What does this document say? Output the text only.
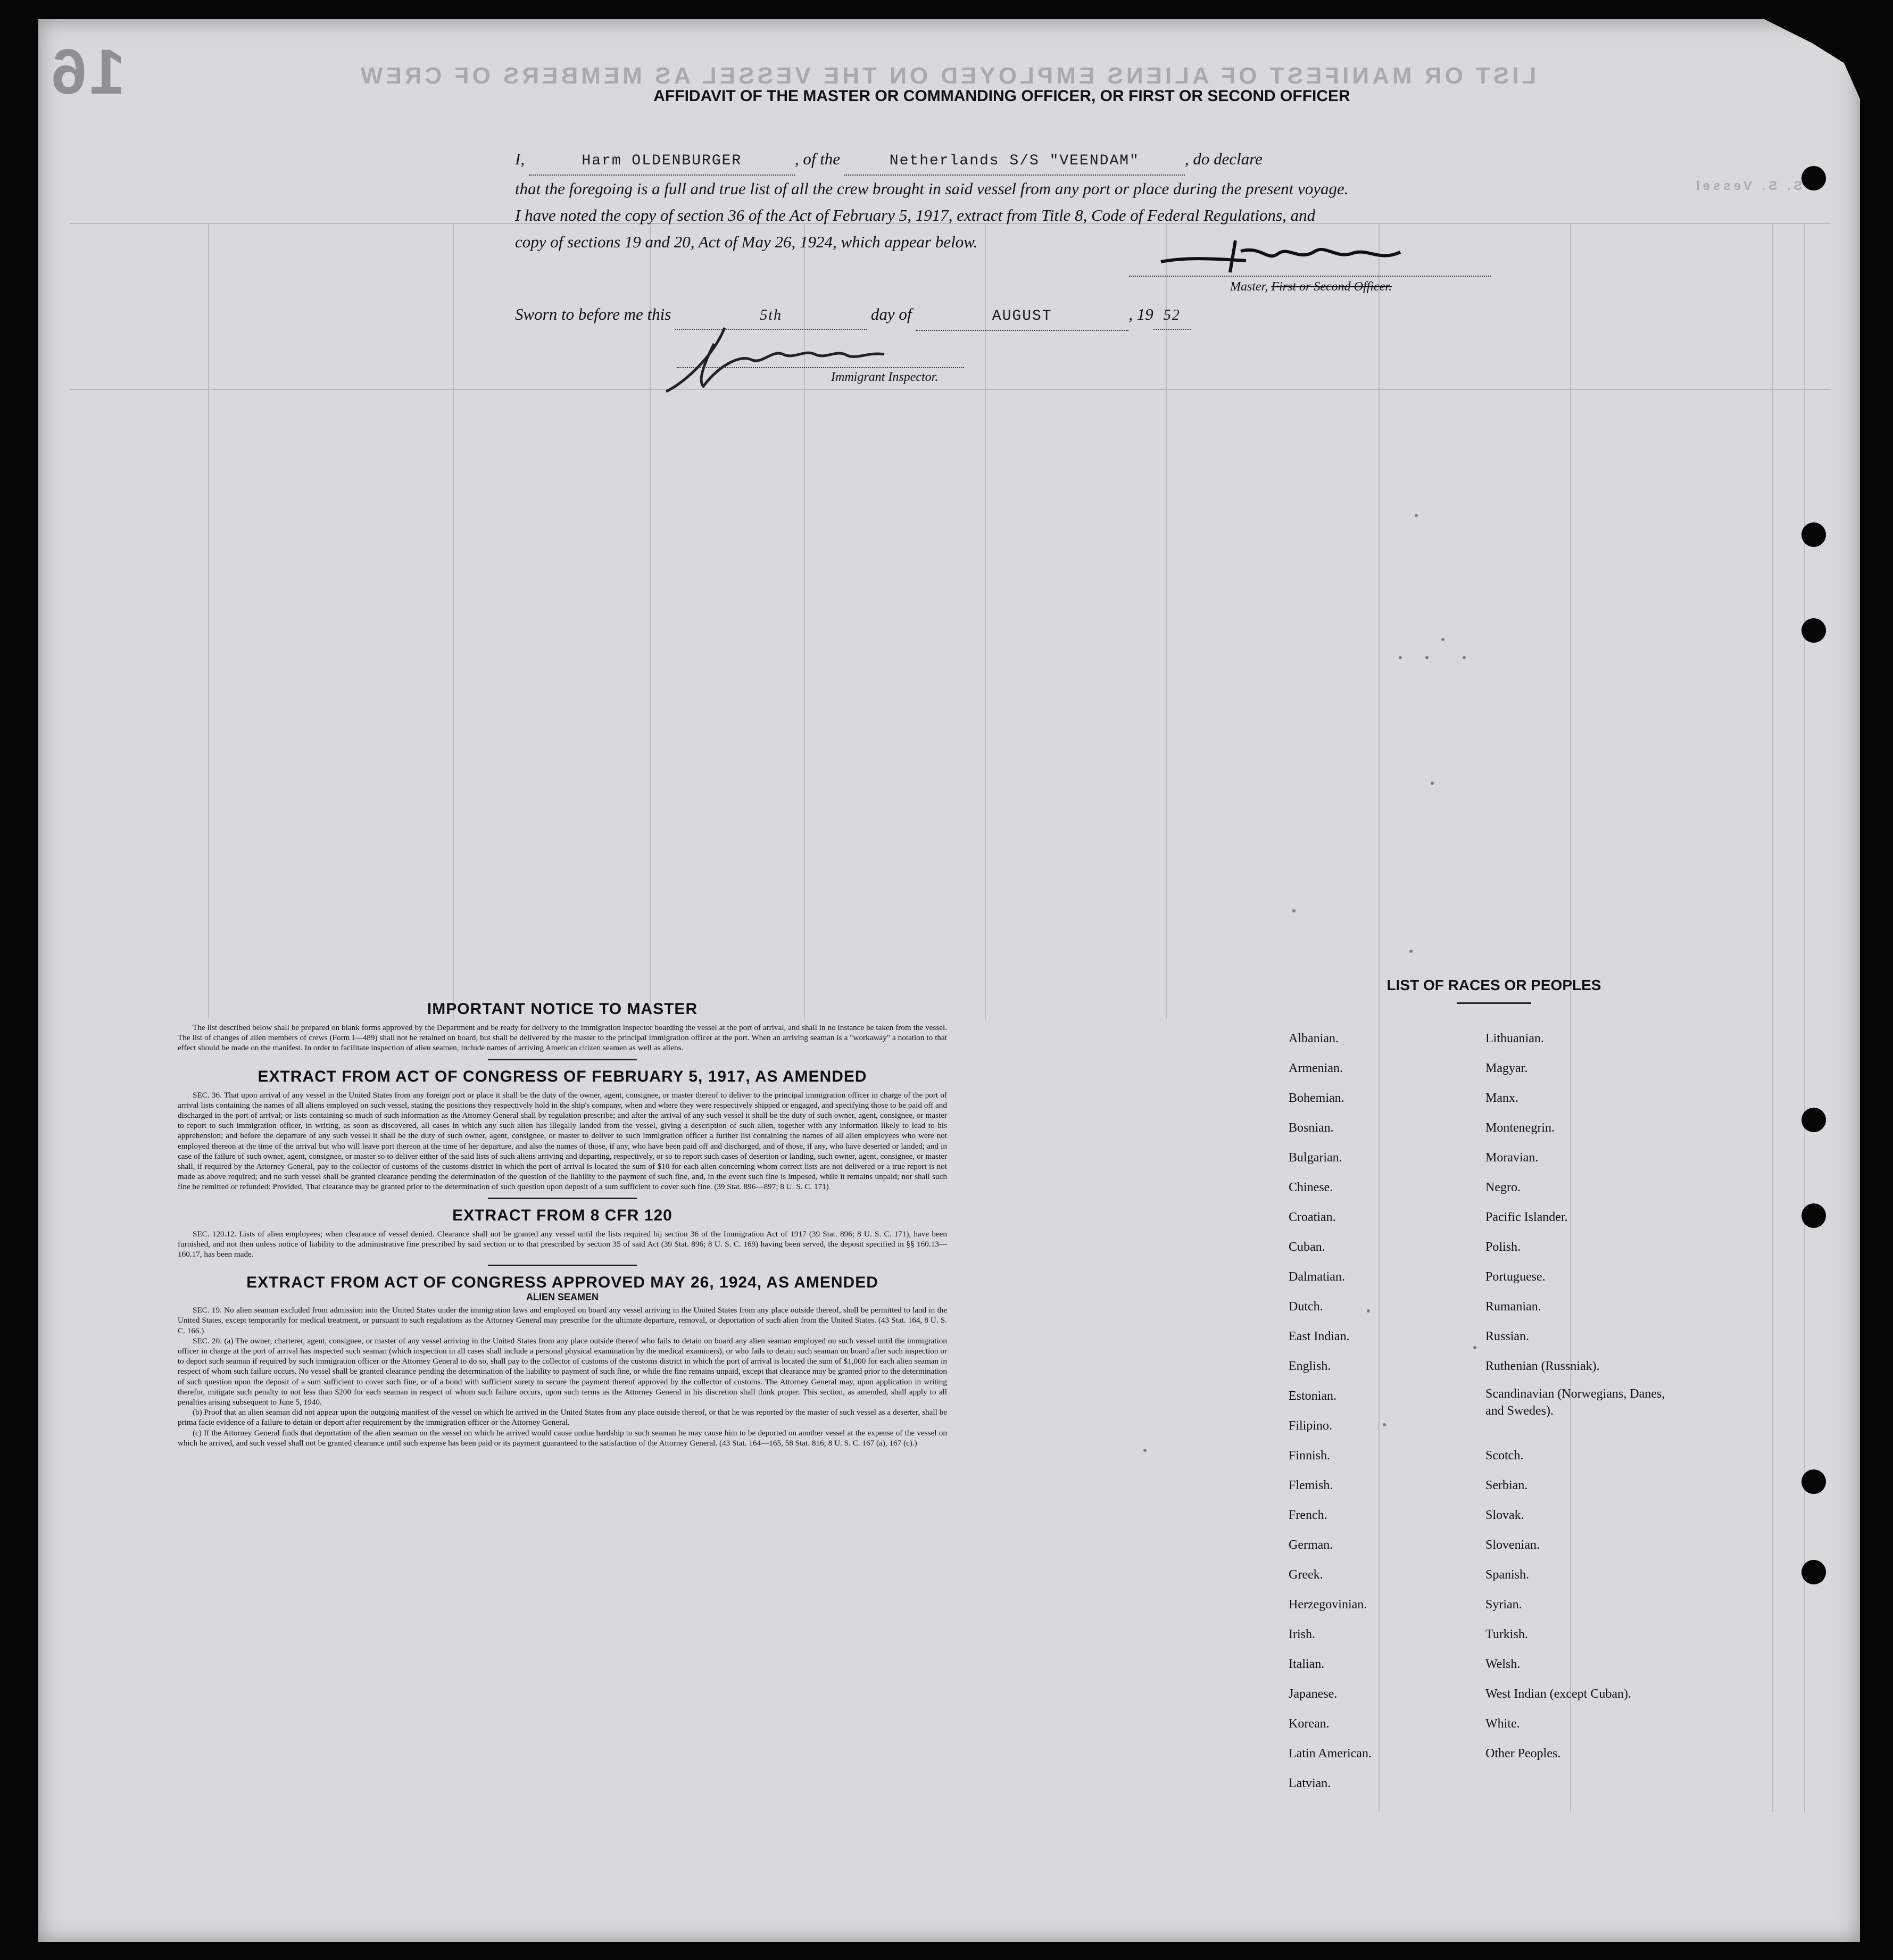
LIST OR MANIFEST OF ALIENS EMPLOYED ON THE VESSEL AS MEMBERS OF CREW
16
S. S. Vessel

AFFIDAVIT OF THE MASTER OR COMMANDING OFFICER, OR FIRST OR SECOND OFFICER

I,	Harm OLDENBURGER	, of the	Netherlands S/S "VEENDAM"	, do declare
that the foregoing is a full and true list of all the crew brought in said vessel from any port or place during the present voyage.
I have noted the copy of section 36 of the Act of February 5, 1917, extract from Title 8, Code of Federal Regulations, and
copy of sections 19 and 20, Act of May 26, 1924, which appear below.
Master, First or Second Officer.
Sworn to before me this	5th	day of	AUGUST	, 19 52
Immigrant Inspector.

IMPORTANT NOTICE TO MASTER

The list described below shall be prepared on blank forms approved by the Department and be ready for delivery to the immigration inspector boarding the vessel at the port of arrival, and shall in no instance be taken from the vessel. The list of changes of alien members of crews (Form I—489) shall not be retained on board, but shall be delivered by the master to the principal immigration officer at the port. When an arriving seaman is a "workaway" a notation to that effect should be made on the manifest. In order to facilitate inspection of alien seamen, include names of arriving American citizen seamen as well as aliens.

EXTRACT FROM ACT OF CONGRESS OF FEBRUARY 5, 1917, AS AMENDED

SEC. 36. That upon arrival of any vessel in the United States from any foreign port or place it shall be the duty of the owner, agent, consignee, or master thereof to deliver to the principal immigration officer in charge of the port of arrival lists containing the names of all aliens employed on such vessel, stating the positions they respectively hold in the ship's company, when and where they were respectively shipped or engaged, and specifying those to be paid off and discharged in the port of arrival; or lists containing so much of such information as the Attorney General shall by regulation prescribe; and after the arrival of any such vessel it shall be the duty of such owner, agent, consignee, or master to report to such immigration officer, in writing, as soon as discovered, all cases in which any such alien has illegally landed from the vessel, giving a description of such alien, together with any information likely to lead to his apprehension; and before the departure of any such vessel it shall be the duty of such owner, agent, consignee, or master to deliver to such immigration officer a further list containing the names of all alien employees who were not employed thereon at the time of the arrival but who will leave port thereon at the time of her departure, and also the names of those, if any, who have been paid off and discharged, and of those, if any, who have deserted or landed; and in case of the failure of such owner, agent, consignee, or master so to deliver either of the said lists of such aliens arriving and departing, respectively, or so to report such cases of desertion or landing, such owner, agent, consignee, or master shall, if required by the Attorney General, pay to the collector of customs of the customs district in which the port of arrival is located the sum of $10 for each alien concerning whom correct lists are not delivered or a true report is not made as above required; and no such vessel shall be granted clearance pending the determination of the question of the liability to the payment of such fine, and, in the event such fine is imposed, while it remains unpaid; nor shall such fine be remitted or refunded: Provided, That clearance may be granted prior to the determination of such question upon deposit of a sum sufficient to cover such fine. (39 Stat. 896—897; 8 U. S. C. 171)

EXTRACT FROM 8 CFR 120

SEC. 120.12. Lists of alien employees; when clearance of vessel denied. Clearance shall not be granted any vessel until the lists required bij section 36 of the Immigration Act of 1917 (39 Stat. 896; 8 U. S. C. 171), have been furnished, and not then unless notice of liability to the administrative fine prescribed by said section or to that prescribed by section 35 of said Act (39 Stat. 896; 8 U. S. C. 169) having been served, the deposit specified in §§ 160.13—160.17, has been made.

EXTRACT FROM ACT OF CONGRESS APPROVED MAY 26, 1924, AS AMENDED

ALIEN SEAMEN

SEC. 19. No alien seaman excluded from admission into the United States under the immigration laws and employed on board any vessel arriving in the United States from any place outside thereof, shall be permitted to land in the United States, except temporarily for medical treatment, or pursuant to such regulations as the Attorney General may prescribe for the ultimate departure, removal, or deportation of such alien from the United States. (43 Stat. 164, 8 U. S. C. 166.)

SEC. 20. (a) The owner, charterer, agent, consignee, or master of any vessel arriving in the United States from any place outside thereof who fails to detain on board any alien seaman employed on such vessel until the immigration officer in charge at the port of arrival has inspected such seaman (which inspection in all cases shall include a personal physical examination by the medical examiners), or who fails to detain such seaman on board after such inspection or to deport such seaman if required by such immigration officer or the Attorney General to do so, shall pay to the collector of customs of the customs district in which the port of arrival is located the sum of $1,000 for each alien seaman in respect of whom such failure occurs. No vessel shall be granted clearance pending the determination of the liability to payment of such fine, or while the fine remains unpaid, except that clearance may be granted prior to the determination of such question upon the deposit of a sum sufficient to cover such fine, or of a bond with sufficient surety to secure the payment thereof approved by the collector of customs. The Attorney General may, upon application in writing therefor, mitigate such penalty to not less than $200 for each seaman in respect of whom such failure occurs, upon such terms as the Attorney General in his discretion shall think proper. This section, as amended, shall apply to all penalties arising subsequent to June 5, 1940.

(b) Proof that an alien seaman did not appear upon the outgoing manifest of the vessel on which he arrived in the United States from any place outside thereof, or that he was reported by the master of such vessel as a deserter, shall be prima facie evidence of a failure to detain or deport after requirement by the immigration officer or the Attorney General.

(c) If the Attorney General finds that deportation of the alien seaman on the vessel on which he arrived would cause undue hardship to such seaman he may cause him to be deported on another vessel at the expense of the vessel on which he arrived, and such vessel shall not be granted clearance until such expense has been paid or its payment guaranteed to the satisfaction of the Attorney General. (43 Stat. 164—165, 58 Stat. 816; 8 U. S. C. 167 (a), 167 (c).)

LIST OF RACES OR PEOPLES

Albanian.
Armenian.
Bohemian.
Bosnian.
Bulgarian.
Chinese.
Croatian.
Cuban.
Dalmatian.
Dutch.
East Indian.
English.
Estonian.
Filipino.
Finnish.
Flemish.
French.
German.
Greek.
Herzegovinian.
Irish.
Italian.
Japanese.
Korean.
Latin American.
Latvian.
Lithuanian.
Magyar.
Manx.
Montenegrin.
Moravian.
Negro.
Pacific Islander.
Polish.
Portuguese.
Rumanian.
Russian.
Ruthenian (Russniak).
Scandinavian (Norwegians, Danes, and Swedes).
Scotch.
Serbian.
Slovak.
Slovenian.
Spanish.
Syrian.
Turkish.
Welsh.
West Indian (except Cuban).
White.
Other Peoples.
